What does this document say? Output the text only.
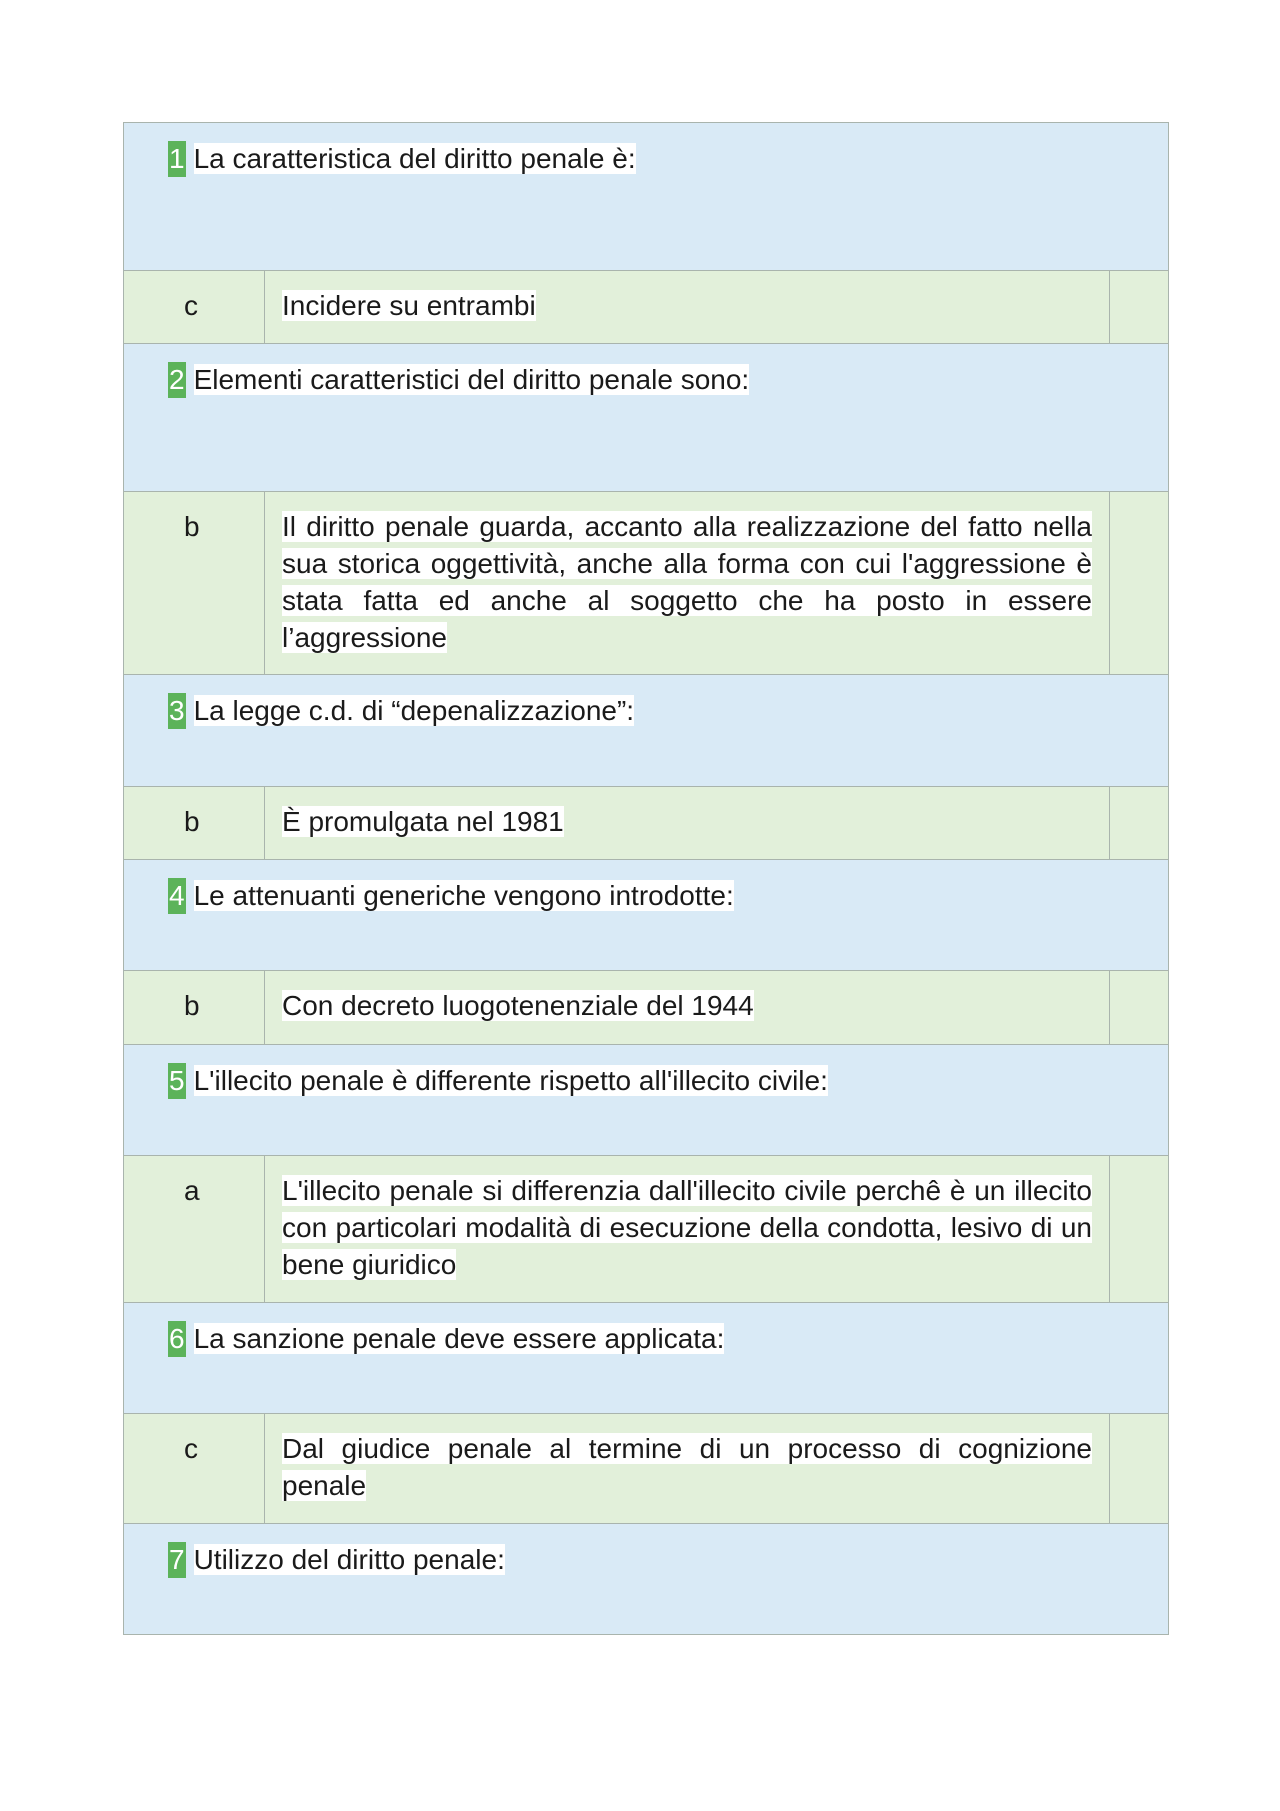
1 La caratteristica del diritto penale è:
c	Incidere su entrambi
2 Elementi caratteristici del diritto penale sono:
b	Il diritto penale guarda, accanto alla realizzazione del fatto nella sua storica oggettività, anche alla forma con cui l'aggressione è stata fatta ed anche al soggetto che ha posto in essere l’aggressione
3 La legge c.d. di “depenalizzazione”:
b	È promulgata nel 1981
4 Le attenuanti generiche vengono introdotte:
b	Con decreto luogotenenziale del 1944
5 L'illecito penale è differente rispetto all'illecito civile:
a	L'illecito penale si differenzia dall'illecito civile perchê è un illecito con particolari modalità di esecuzione della condotta, lesivo di un bene giuridico
6 La sanzione penale deve essere applicata:
c	Dal giudice penale al termine di un processo di cognizione penale
7 Utilizzo del diritto penale:
